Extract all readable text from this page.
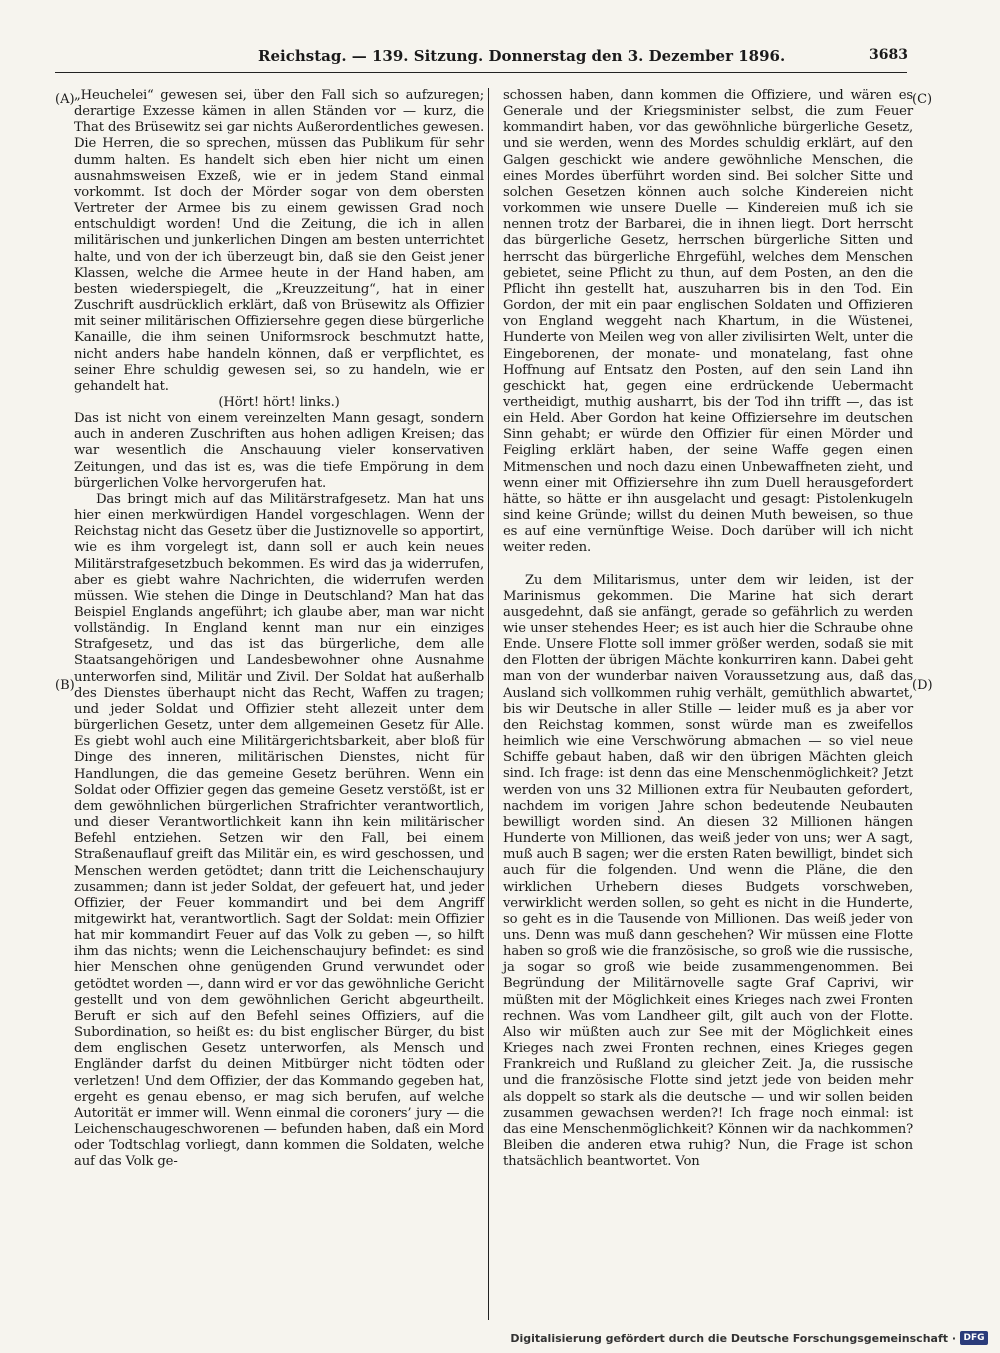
Reichstag. — 139. Sitzung. Donnerstag den 3. Dezember 1896.	3683
(A)
(B)
(C)
(D)

„Heuchelei“ gewesen sei, über den Fall sich so aufzuregen; derartige Exzesse kämen in allen Ständen vor — kurz, die That des Brüsewitz sei gar nichts Außerordentliches gewesen. Die Herren, die so sprechen, müssen das Publikum für sehr dumm halten. Es handelt sich eben hier nicht um einen ausnahmsweisen Exzeß, wie er in jedem Stand einmal vorkommt. Ist doch der Mörder sogar von dem obersten Vertreter der Armee bis zu einem gewissen Grad noch entschuldigt worden! Und die Zeitung, die ich in allen militärischen und junkerlichen Dingen am besten unterrichtet halte, und von der ich überzeugt bin, daß sie den Geist jener Klassen, welche die Armee heute in der Hand haben, am besten wiederspiegelt, die „Kreuzzeitung“, hat in einer Zuschrift ausdrücklich erklärt, daß von Brüsewitz als Offizier mit seiner militärischen Offiziersehre gegen diese bürgerliche Kanaille, die ihm seinen Uniformsrock beschmutzt hatte, nicht anders habe handeln können, daß er verpflichtet, es seiner Ehre schuldig gewesen sei, so zu handeln, wie er gehandelt hat.

(Hört! hört! links.)

Das ist nicht von einem vereinzelten Mann gesagt, sondern auch in anderen Zuschriften aus hohen adligen Kreisen; das war wesentlich die Anschauung vieler konservativen Zeitungen, und das ist es, was die tiefe Empörung in dem bürgerlichen Volke hervorgerufen hat.

Das bringt mich auf das Militärstrafgesetz. Man hat uns hier einen merkwürdigen Handel vorgeschlagen. Wenn der Reichstag nicht das Gesetz über die Justiznovelle so apportirt, wie es ihm vorgelegt ist, dann soll er auch kein neues Militärstrafgesetzbuch bekommen. Es wird das ja widerrufen, aber es giebt wahre Nachrichten, die widerrufen werden müssen. Wie stehen die Dinge in Deutschland? Man hat das Beispiel Englands angeführt; ich glaube aber, man war nicht vollständig. In England kennt man nur ein einziges Strafgesetz, und das ist das bürgerliche, dem alle Staatsangehörigen und Landesbewohner ohne Ausnahme unterworfen sind, Militär und Zivil. Der Soldat hat außerhalb des Dienstes überhaupt nicht das Recht, Waffen zu tragen; und jeder Soldat und Offizier steht allezeit unter dem bürgerlichen Gesetz, unter dem allgemeinen Gesetz für Alle. Es giebt wohl auch eine Militärgerichtsbarkeit, aber bloß für Dinge des inneren, militärischen Dienstes, nicht für Handlungen, die das gemeine Gesetz berühren. Wenn ein Soldat oder Offizier gegen das gemeine Gesetz verstößt, ist er dem gewöhnlichen bürgerlichen Strafrichter verantwortlich, und dieser Verantwortlichkeit kann ihn kein militärischer Befehl entziehen. Setzen wir den Fall, bei einem Straßenauflauf greift das Militär ein, es wird geschossen, und Menschen werden getödtet; dann tritt die Leichenschaujury zusammen; dann ist jeder Soldat, der gefeuert hat, und jeder Offizier, der Feuer kommandirt und bei dem Angriff mitgewirkt hat, verantwortlich. Sagt der Soldat: mein Offizier hat mir kommandirt Feuer auf das Volk zu geben —, so hilft ihm das nichts; wenn die Leichenschaujury befindet: es sind hier Menschen ohne genügenden Grund verwundet oder getödtet worden —, dann wird er vor das gewöhnliche Gericht gestellt und von dem gewöhnlichen Gericht abgeurtheilt. Beruft er sich auf den Befehl seines Offiziers, auf die Subordination, so heißt es: du bist englischer Bürger, du bist dem englischen Gesetz unterworfen, als Mensch und Engländer darfst du deinen Mitbürger nicht tödten oder verletzen! Und dem Offizier, der das Kommando gegeben hat, ergeht es genau ebenso, er mag sich berufen, auf welche Autorität er immer will. Wenn einmal die coroners’ jury — die Leichenschaugeschworenen — befunden haben, daß ein Mord oder Todtschlag vorliegt, dann kommen die Soldaten, welche auf das Volk ge-

schossen haben, dann kommen die Offiziere, und wären es Generale und der Kriegsminister selbst, die zum Feuer kommandirt haben, vor das gewöhnliche bürgerliche Gesetz, und sie werden, wenn des Mordes schuldig erklärt, auf den Galgen geschickt wie andere gewöhnliche Menschen, die eines Mordes überführt worden sind. Bei solcher Sitte und solchen Gesetzen können auch solche Kindereien nicht vorkommen wie unsere Duelle — Kindereien muß ich sie nennen trotz der Barbarei, die in ihnen liegt. Dort herrscht das bürgerliche Gesetz, herrschen bürgerliche Sitten und herrscht das bürgerliche Ehrgefühl, welches dem Menschen gebietet, seine Pflicht zu thun, auf dem Posten, an den die Pflicht ihn gestellt hat, auszuharren bis in den Tod. Ein Gordon, der mit ein paar englischen Soldaten und Offizieren von England weggeht nach Khartum, in die Wüstenei, Hunderte von Meilen weg von aller zivilisirten Welt, unter die Eingeborenen, der monate- und monatelang, fast ohne Hoffnung auf Entsatz den Posten, auf den sein Land ihn geschickt hat, gegen eine erdrückende Uebermacht vertheidigt, muthig ausharrt, bis der Tod ihn trifft —, das ist ein Held. Aber Gordon hat keine Offiziersehre im deutschen Sinn gehabt; er würde den Offizier für einen Mörder und Feigling erklärt haben, der seine Waffe gegen einen Mitmenschen und noch dazu einen Unbewaffneten zieht, und wenn einer mit Offiziersehre ihn zum Duell herausgefordert hätte, so hätte er ihn ausgelacht und gesagt: Pistolenkugeln sind keine Gründe; willst du deinen Muth beweisen, so thue es auf eine vernünftige Weise. Doch darüber will ich nicht weiter reden.

Zu dem Militarismus, unter dem wir leiden, ist der Marinismus gekommen. Die Marine hat sich derart ausgedehnt, daß sie anfängt, gerade so gefährlich zu werden wie unser stehendes Heer; es ist auch hier die Schraube ohne Ende. Unsere Flotte soll immer größer werden, sodaß sie mit den Flotten der übrigen Mächte konkurriren kann. Dabei geht man von der wunderbar naiven Voraussetzung aus, daß das Ausland sich vollkommen ruhig verhält, gemüthlich abwartet, bis wir Deutsche in aller Stille — leider muß es ja aber vor den Reichstag kommen, sonst würde man es zweifellos heimlich wie eine Verschwörung abmachen — so viel neue Schiffe gebaut haben, daß wir den übrigen Mächten gleich sind. Ich frage: ist denn das eine Menschenmöglichkeit? Jetzt werden von uns 32 Millionen extra für Neubauten gefordert, nachdem im vorigen Jahre schon bedeutende Neubauten bewilligt worden sind. An diesen 32 Millionen hängen Hunderte von Millionen, das weiß jeder von uns; wer A sagt, muß auch B sagen; wer die ersten Raten bewilligt, bindet sich auch für die folgenden. Und wenn die Pläne, die den wirklichen Urhebern dieses Budgets vorschweben, verwirklicht werden sollen, so geht es nicht in die Hunderte, so geht es in die Tausende von Millionen. Das weiß jeder von uns. Denn was muß dann geschehen? Wir müssen eine Flotte haben so groß wie die französische, so groß wie die russische, ja sogar so groß wie beide zusammengenommen. Bei Begründung der Militärnovelle sagte Graf Caprivi, wir müßten mit der Möglichkeit eines Krieges nach zwei Fronten rechnen. Was vom Landheer gilt, gilt auch von der Flotte. Also wir müßten auch zur See mit der Möglichkeit eines Krieges nach zwei Fronten rechnen, eines Krieges gegen Frankreich und Rußland zu gleicher Zeit. Ja, die russische und die französische Flotte sind jetzt jede von beiden mehr als doppelt so stark als die deutsche — und wir sollen beiden zusammen gewachsen werden?! Ich frage noch einmal: ist das eine Menschenmöglichkeit? Können wir da nachkommen? Bleiben die anderen etwa ruhig? Nun, die Frage ist schon thatsächlich beantwortet. Von

Digitalisierung gefördert durch die Deutsche Forschungsgemeinschaft · DFG
